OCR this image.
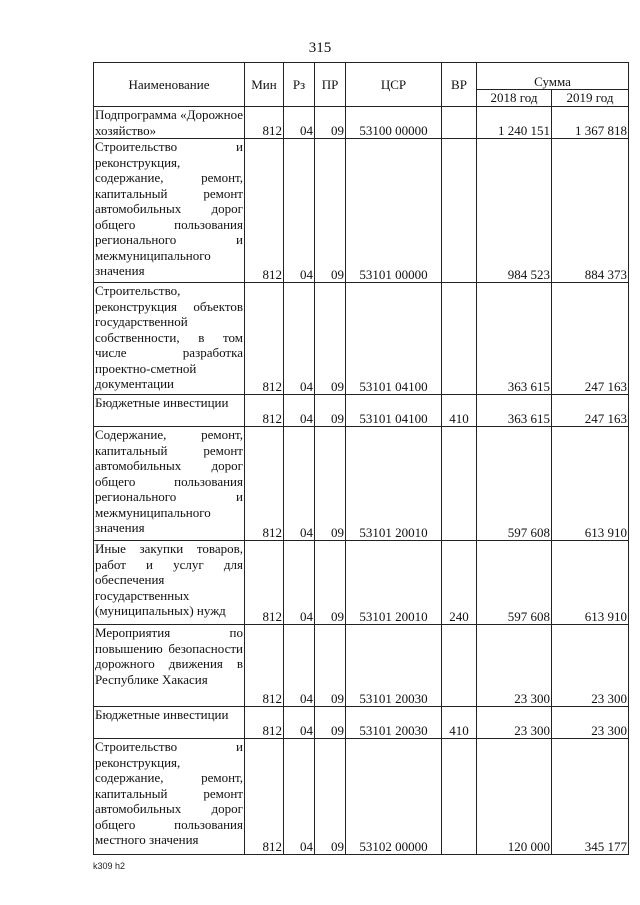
315
Наименование	Мин	Рз	ПР	ЦСР	ВР	Сумма	
						2018 год	2019 год
Подпрограмма «Дорожное хозяйство»	812	04	09	53100 00000		1 240 151	1 367 818
Строительство и реконструкция, содержание, ремонт, капитальный ремонт автомобильных дорог общего пользования регионального и межмуниципального значения	812	04	09	53101 00000		984 523	884 373
Строительство, реконструкция объектов государственной собственности, в том числе разработка проектно-сметной документации	812	04	09	53101 04100		363 615	247 163
Бюджетные инвестиции	812	04	09	53101 04100	410	363 615	247 163
Содержание, ремонт, капитальный ремонт автомобильных дорог общего пользования регионального и межмуниципального значения	812	04	09	53101 20010		597 608	613 910
Иные закупки товаров, работ и услуг для обеспечения государственных (муниципальных) нужд	812	04	09	53101 20010	240	597 608	613 910
Мероприятия по повышению безопасности дорожного движения в Республике Хакасия	812	04	09	53101 20030		23 300	23 300
Бюджетные инвестиции	812	04	09	53101 20030	410	23 300	23 300
Строительство и реконструкция, содержание, ремонт, капитальный ремонт автомобильных дорог общего пользования местного значения	812	04	09	53102 00000		120 000	345 177
k309 h2
